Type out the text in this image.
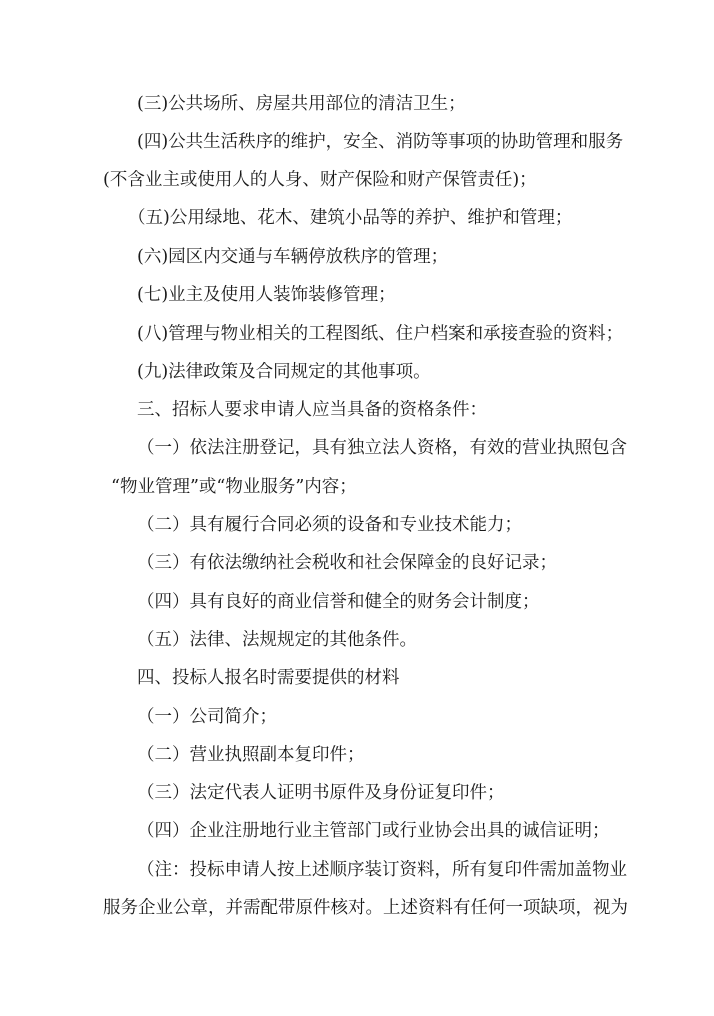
(三)公共场所、房屋共用部位的清洁卫生；
(四)公共生活秩序的维护，安全、消防等事项的协助管理和服务
(不含业主或使用人的人身、财产保险和财产保管责任)；
（五)公用绿地、花木、建筑小品等的养护、维护和管理；
(六)园区内交通与车辆停放秩序的管理；
(七)业主及使用人装饰装修管理；
(八)管理与物业相关的工程图纸、住户档案和承接查验的资料；
(九)法律政策及合同规定的其他事项。
三、招标人要求申请人应当具备的资格条件：
（一）依法注册登记，具有独立法人资格，有效的营业执照包含
“物业管理”或“物业服务”内容；
（二）具有履行合同必须的设备和专业技术能力；
（三）有依法缴纳社会税收和社会保障金的良好记录；
（四）具有良好的商业信誉和健全的财务会计制度；
（五）法律、法规规定的其他条件。
四、投标人报名时需要提供的材料
（一）公司简介；
（二）营业执照副本复印件；
（三）法定代表人证明书原件及身份证复印件；
（四）企业注册地行业主管部门或行业协会出具的诚信证明；
（注：投标申请人按上述顺序装订资料，所有复印件需加盖物业
服务企业公章，并需配带原件核对。上述资料有任何一项缺项，视为
